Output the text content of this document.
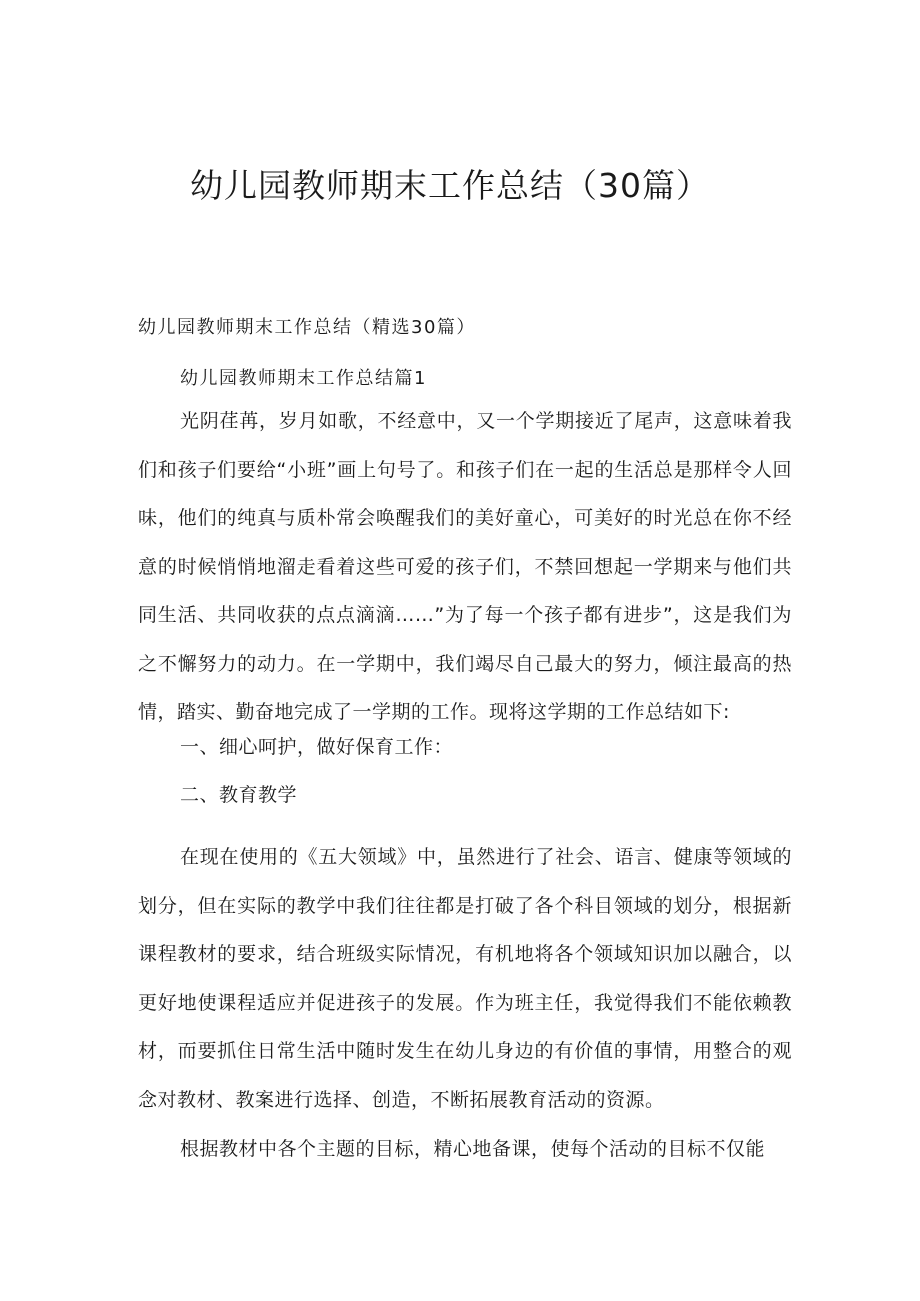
幼儿园教师期末工作总结（30篇）

幼儿园教师期末工作总结（精选30篇）

幼儿园教师期末工作总结篇1

光阴荏苒，岁月如歌，不经意中，又一个学期接近了尾声，这意味着我们和孩子们要给“小班”画上句号了。和孩子们在一起的生活总是那样令人回味，他们的纯真与质朴常会唤醒我们的美好童心，可美好的时光总在你不经意的时候悄悄地溜走看着这些可爱的孩子们，不禁回想起一学期来与他们共同生活、共同收获的点点滴滴……”为了每一个孩子都有进步”，这是我们为之不懈努力的动力。在一学期中，我们竭尽自己最大的努力，倾注最高的热情，踏实、勤奋地完成了一学期的工作。现将这学期的工作总结如下:

一、细心呵护，做好保育工作：

二、教育教学

在现在使用的《五大领域》中，虽然进行了社会、语言、健康等领域的划分，但在实际的教学中我们往往都是打破了各个科目领域的划分，根据新课程教材的要求，结合班级实际情况，有机地将各个领域知识加以融合，以更好地使课程适应并促进孩子的发展。作为班主任，我觉得我们不能依赖教材，而要抓住日常生活中随时发生在幼儿身边的有价值的事情，用整合的观念对教材、教案进行选择、创造，不断拓展教育活动的资源。

根据教材中各个主题的目标，精心地备课，使每个活动的目标不仅能
